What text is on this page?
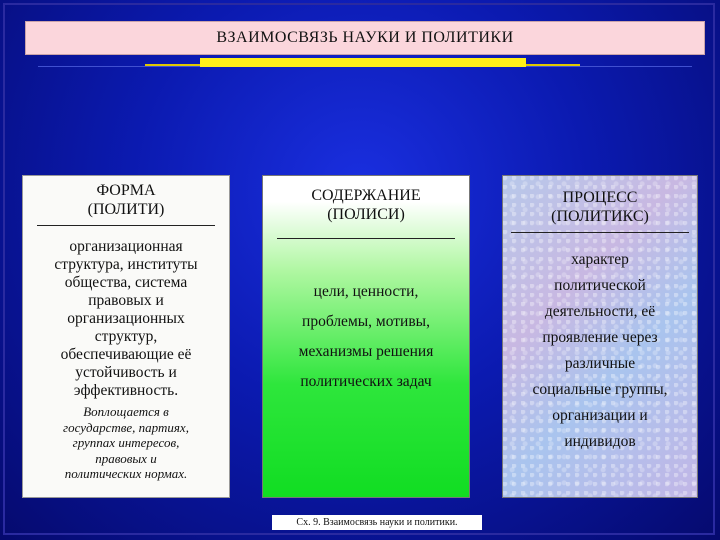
ВЗАИМОСВЯЗЬ НАУКИ И ПОЛИТИКИ
ФОРМА
(ПОЛИТИ)
организационная
структура, институты
общества, система
правовых и
организационных
структур,
обеспечивающие её
устойчивость и
эффективность.
Воплощается в
государстве, партиях,
группах интересов,
правовых и
политических нормах.
СОДЕРЖАНИЕ
(ПОЛИСИ)
цели, ценности,
проблемы, мотивы,
механизмы решения
политических задач
ПРОЦЕСС
(ПОЛИТИКС)
характер
политической
деятельности, её
проявление через
различные
социальные группы,
организации и
индивидов
Сх. 9. Взаимосвязь науки и политики.
